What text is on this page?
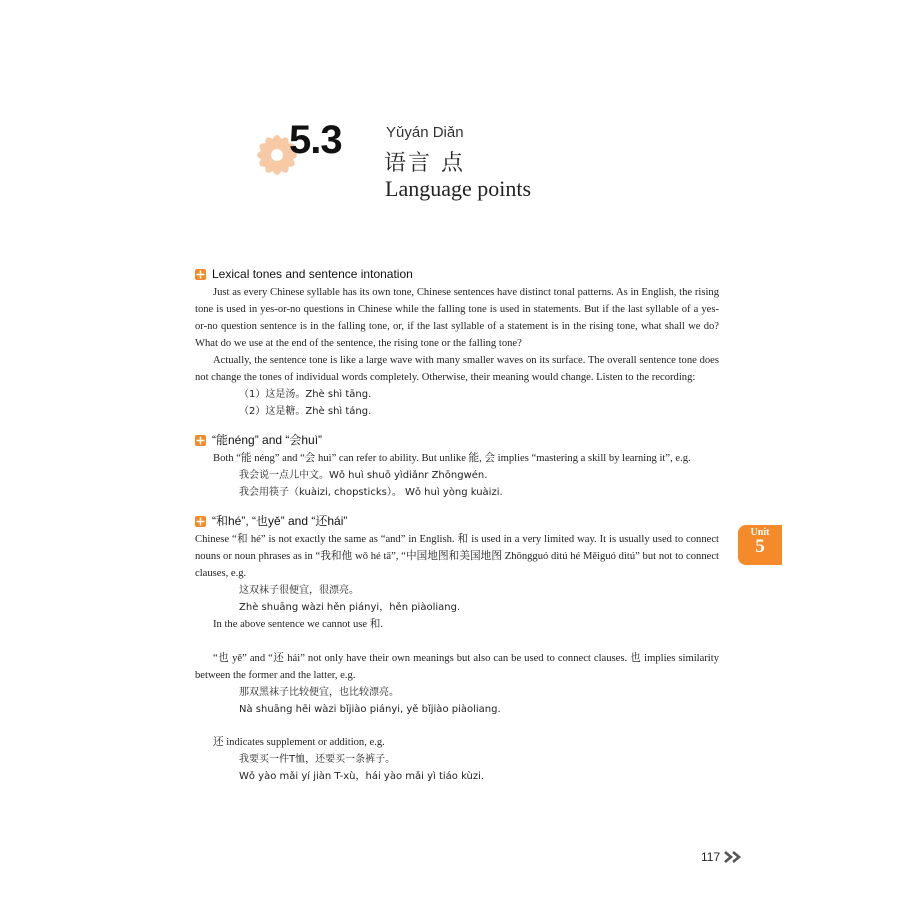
5.3	Yǔyán Diǎn
语言 点
Language points
Lexical tones and sentence intonation

Just as every Chinese syllable has its own tone, Chinese sentences have distinct tonal patterns. As in English, the rising tone is used in yes-or-no questions in Chinese while the falling tone is used in statements. But if the last syllable of a yes-or-no question sentence is in the falling tone, or, if the last syllable of a statement is in the rising tone, what shall we do? What do we use at the end of the sentence, the rising tone or the falling tone?

Actually, the sentence tone is like a large wave with many smaller waves on its surface. The overall sentence tone does not change the tones of individual words completely. Otherwise, their meaning would change. Listen to the recording:

（1）这是汤。Zhè shì tāng.
（2）这是糖。Zhè shì táng.
“能néng” and “会huì”

Both “能 néng” and “会 huì” can refer to ability. But unlike 能, 会 implies “mastering a skill by learning it”, e.g.

我会说一点儿中文。Wǒ huì shuō yìdiǎnr Zhōngwén.
我会用筷子（kuàizi, chopsticks）。 Wǒ huì yòng kuàizi.
“和hé”, “也yě” and “还hái”

Chinese “和 hé” is not exactly the same as “and” in English. 和 is used in a very limited way. It is usually used to connect nouns or noun phrases as in “我和他 wǒ hé tā”, “中国地图和美国地图 Zhōngguó dìtú hé Měiguó dìtú” but not to connect clauses, e.g.

这双袜子很便宜，很漂亮。
Zhè shuāng wàzi hěn piányi，hěn piàoliang.

In the above sentence we cannot use 和.

“也 yě” and “还 hái” not only have their own meanings but also can be used to connect clauses. 也 implies similarity between the former and the latter, e.g.

那双黑袜子比较便宜，也比较漂亮。
Nà shuāng hēi wàzi bǐjiào piányi, yě bǐjiào piàoliang.

还 indicates supplement or addition, e.g.

我要买一件T恤，还要买一条裤子。
Wǒ yào mǎi yí jiàn T-xù，hái yào mǎi yì tiáo kùzi.
Unit
5
117
